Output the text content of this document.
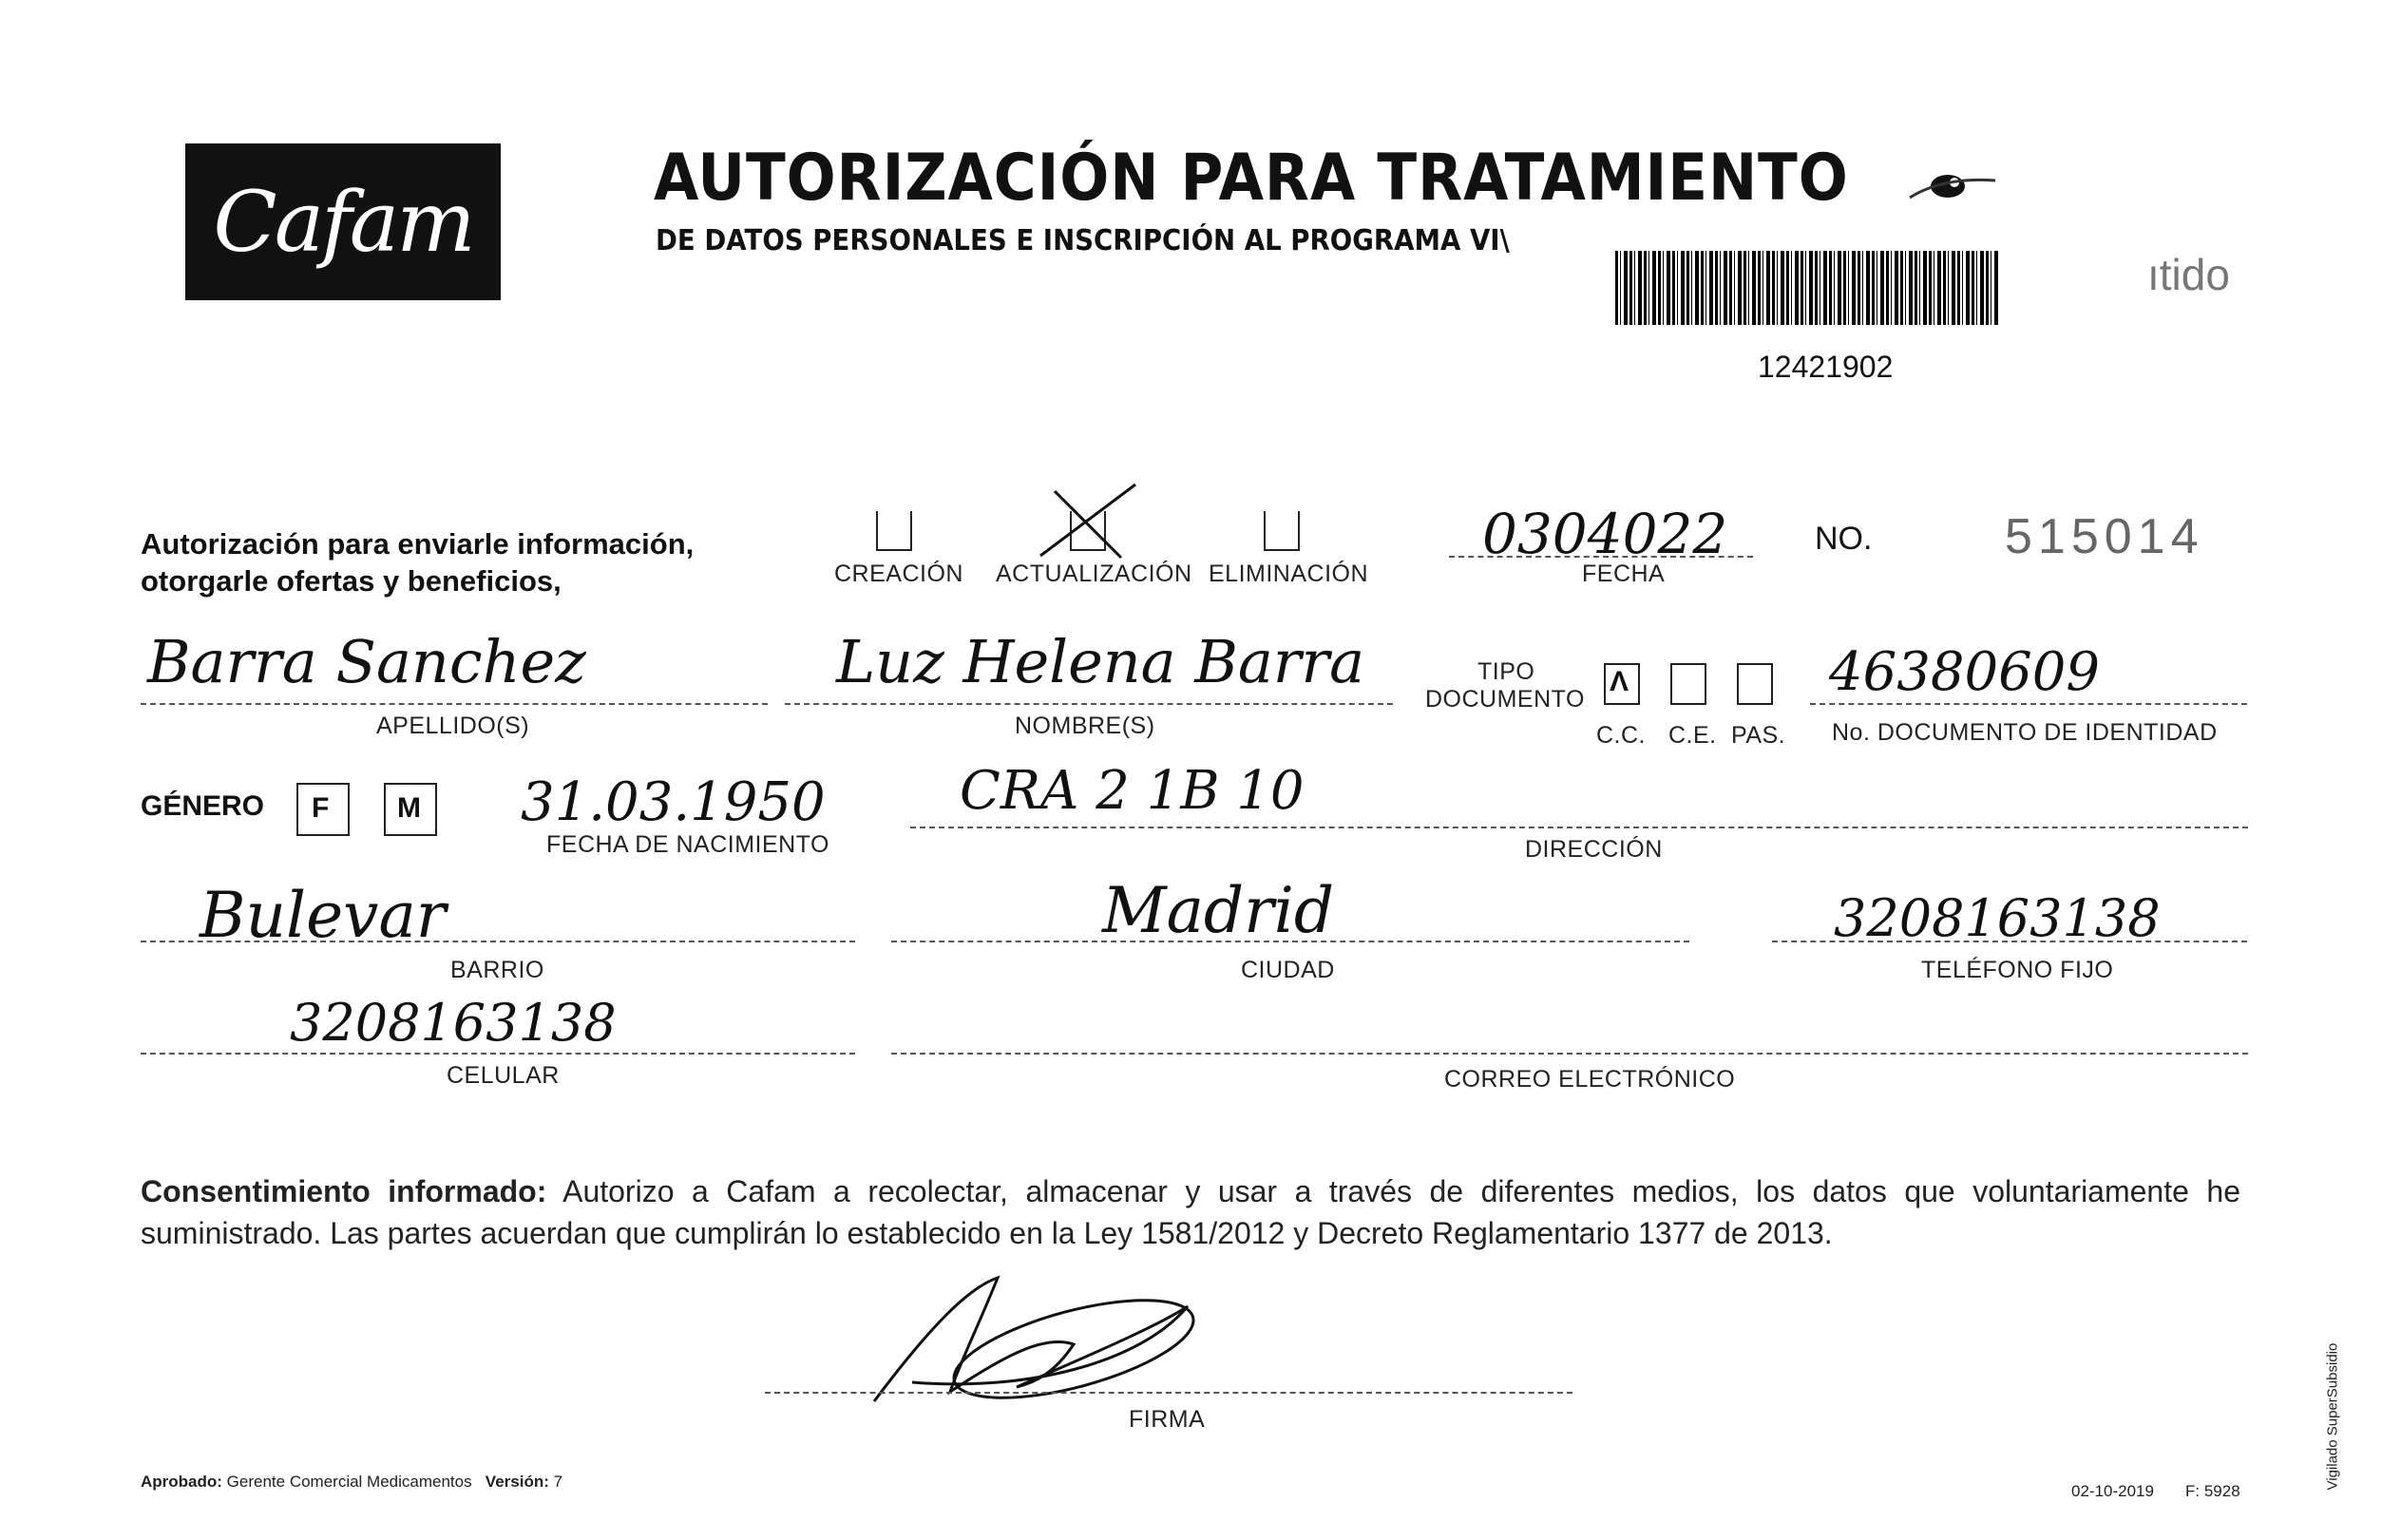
Cafam	AUTORIZACIÓN PARA TRATAMIENTO
DE DATOS PERSONALES E INSCRIPCIÓN AL PROGRAMA VI\
12421902
ıtido
Autorización para enviarle información,
otorgarle ofertas y beneficios,	CREACIÓN ACTUALIZACIÓN ELIMINACIÓN
0304022
FECHA
NO.	515014
Barra Sanchez
APELLIDO(S)
Luz Helena Barra
NOMBRE(S)
TIPO
DOCUMENTO
Λ
C.C. C.E. PAS.
46380609
No. DOCUMENTO DE IDENTIDAD
GÉNERO F M 31.03.1950
FECHA DE NACIMIENTO
CRA 2 1B 10
DIRECCIÓN
Bulevar
BARRIO
Madrid
CIUDAD
3208163138
TELÉFONO FIJO
3208163138
CELULAR	CORREO ELECTRÓNICO
Consentimiento informado: Autorizo a Cafam a recolectar, almacenar y usar a través de diferentes medios, los datos que voluntariamente he suministrado. Las partes acuerdan que cumplirán lo establecido en la Ley 1581/2012 y Decreto Reglamentario 1377 de 2013.
FIRMA
Aprobado: Gerente Comercial Medicamentos Versión: 7
02-10-2019 F: 5928
Vigilado SuperSubsidio
